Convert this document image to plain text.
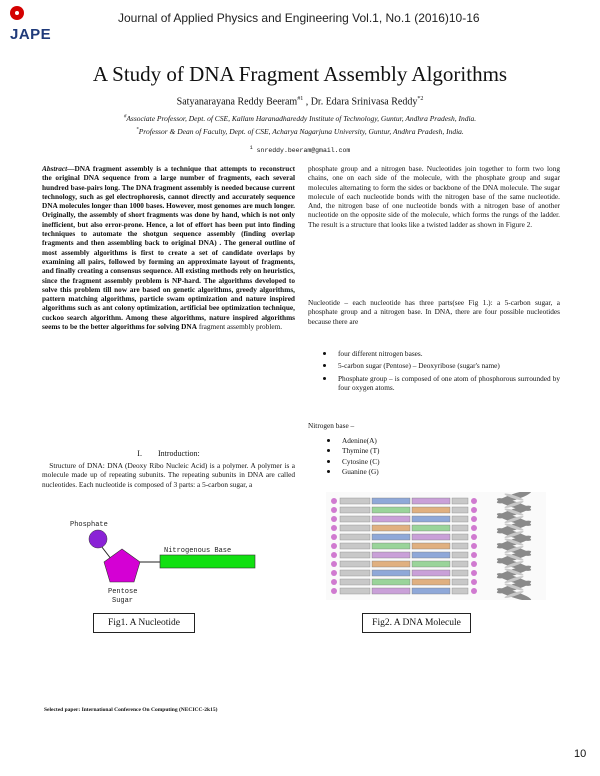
JAPE
Journal of Applied Physics and Engineering Vol.1, No.1 (2016)10-16
A Study of DNA Fragment Assembly Algorithms
Satyanarayana Reddy Beeram$^{\#1}$ , Dr. Edara Srinivasa Reddy$^{*2}$
#Associate Professor, Dept. of CSE, Kallam Haranadhareddy Institute of Technology, Guntur, Andhra Pradesh, India.
*Professor & Dean of Faculty, Dept. of CSE, Acharya Nagarjuna University, Guntur, Andhra Pradesh, India.
$^1$ snreddy.beeram@gmail.com
Abstract—DNA fragment assembly is a technique that attempts to reconstruct the original DNA sequence from a large number of fragments, each several hundred base-pairs long. The DNA fragment assembly is needed because current technology, such as gel electrophoresis, cannot directly and accurately sequence DNA molecules longer than 1000 bases. However, most genomes are much longer. Originally, the assembly of short fragments was done by hand, which is not only inefficient, but also error-prone. Hence, a lot of effort has been put into finding techniques to automate the shotgun sequence assembly (finding overlap fragments and then assembling back to original DNA) . The general outline of most assembly algorithms is first to create a set of candidate overlaps by examining all pairs, followed by forming an approximate layout of fragments, and finally creating a consensus sequence. All existing methods rely on heuristics, since the fragment assembly problem is NP-hard. The algorithms developed to solve this problem till now are based on genetic algorithms, greedy algorithms, pattern matching algorithms, particle swam optimization and nature inspired algorithms such as ant colony optimization, artificial bee optimization technique, cuckoo search algorithm. Among these algorithms, nature inspired algorithms seems to be the better algorithms for solving DNA fragment assembly problem.
I.  Introduction:
 Structure of DNA: DNA (Deoxy Ribo Nucleic Acid) is a polymer. A polymer is a molecule made up of repeating subunits. The repeating subunits in DNA are called nucleotides. Each nucleotide is composed of 3 parts: a 5-carbon sugar, a
Phosphate
Nitrogenous Base
Pentose
Sugar
Fig1. A Nucleotide
phosphate group and a nitrogen base. Nucleotides join together to form two long chains, one on each side of the molecule, with the phosphate group and sugar molecules alternating to form the sides or backbone of the DNA molecule. The sugar molecule of each nucleotide bonds with the nitrogen base of the same nucleotide. And, the nitrogen base of one nucleotide bonds with a nitrogen base of another nucleotide on the opposite side of the molecule, which forms the rungs of the ladder. The result is a structure that looks like a twisted ladder as shown in Figure 2.
Nucleotide – each nucleotide has three parts(see Fig 1.): a 5-carbon sugar, a phosphate group and a nitrogen base. In DNA, there are four possible nucleotides because there are
four different nitrogen bases.
5-carbon sugar (Pentose) – Deoxyribose (sugar's name)
Phosphate group – is composed of one atom of phosphorous surrounded by four oxygen atoms.
Nitrogen base –
Adenine(A)
Thymine (T)
Cytosine (C)
Guanine (G)
Fig2. A DNA Molecule
Selected paper: International Conference On Computing (NECICC-2k15)
10
